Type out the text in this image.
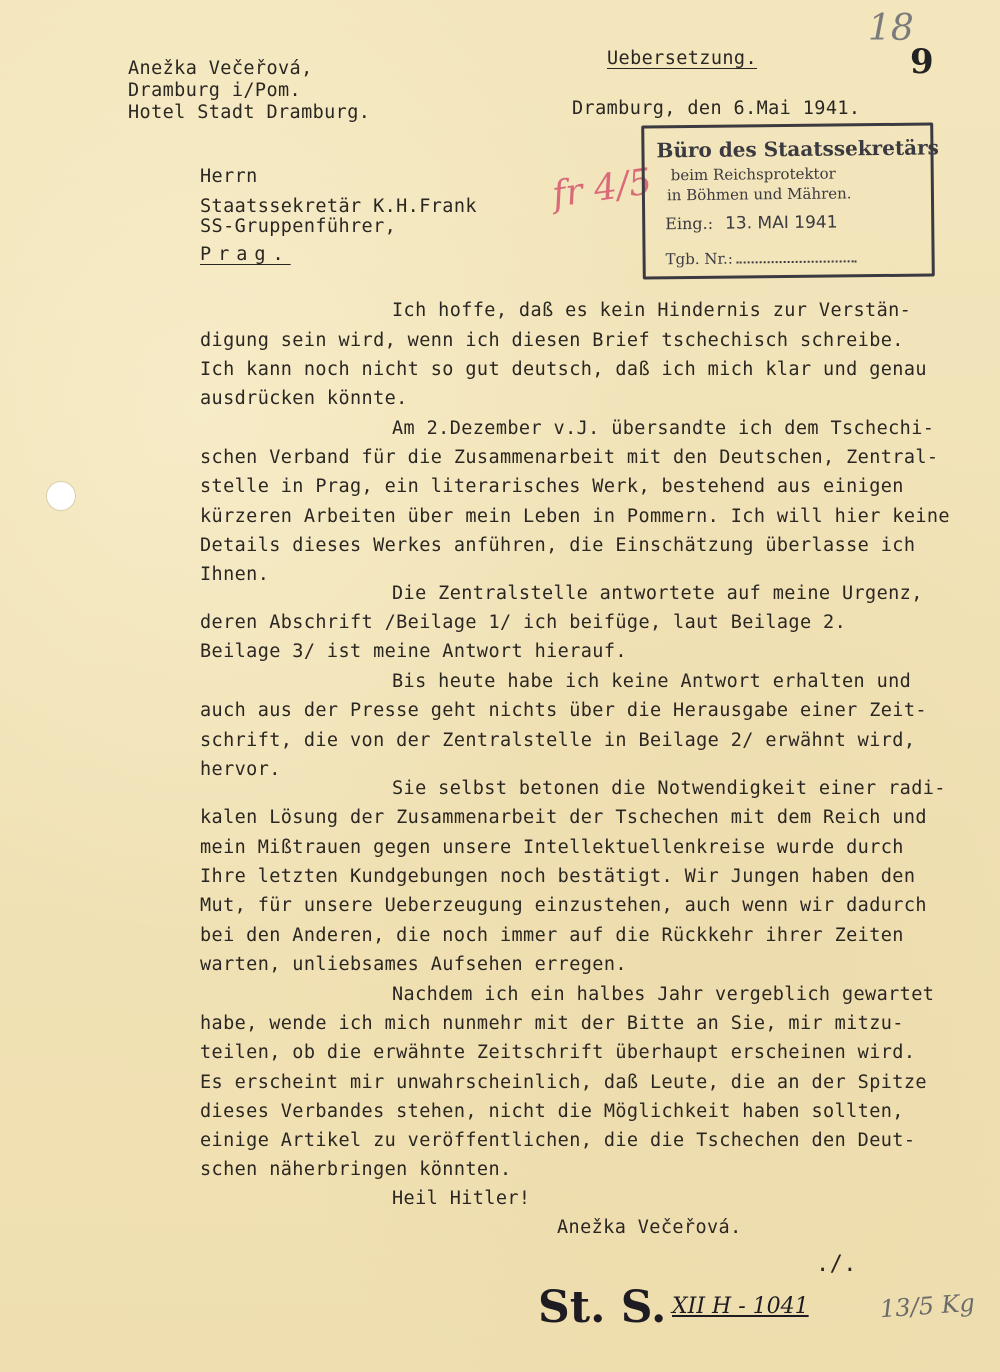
Anežka Večeřová,
Dramburg i/Pom.
Hotel Stadt Dramburg.
Uebersetzung.
Dramburg, den 6.Mai 1941.
18
9
fr 4/5
Herrn
Staatssekretär K.H.Frank
SS-Gruppenführer,
Prag.
Büro des Staatssekretärs
beim Reichsprotektor
in Böhmen und Mähren.
Eing.: 13. MAI 1941
Tgb. Nr.:
Ich hoffe, daß es kein Hindernis zur Verstän-
digung sein wird, wenn ich diesen Brief tschechisch schreibe.
Ich kann noch nicht so gut deutsch, daß ich mich klar und genau
ausdrücken könnte.
Am 2.Dezember v.J. übersandte ich dem Tschechi-
schen Verband für die Zusammenarbeit mit den Deutschen, Zentral-
stelle in Prag, ein literarisches Werk, bestehend aus einigen
kürzeren Arbeiten über mein Leben in Pommern. Ich will hier keine
Details dieses Werkes anführen, die Einschätzung überlasse ich
Ihnen.
Die Zentralstelle antwortete auf meine Urgenz,
deren Abschrift /Beilage 1/ ich beifüge, laut Beilage 2.
Beilage 3/ ist meine Antwort hierauf.
Bis heute habe ich keine Antwort erhalten und
auch aus der Presse geht nichts über die Herausgabe einer Zeit-
schrift, die von der Zentralstelle in Beilage 2/ erwähnt wird,
hervor.
Sie selbst betonen die Notwendigkeit einer radi-
kalen Lösung der Zusammenarbeit der Tschechen mit dem Reich und
mein Mißtrauen gegen unsere Intellektuellenkreise wurde durch
Ihre letzten Kundgebungen noch bestätigt. Wir Jungen haben den
Mut, für unsere Ueberzeugung einzustehen, auch wenn wir dadurch
bei den Anderen, die noch immer auf die Rückkehr ihrer Zeiten
warten, unliebsames Aufsehen erregen.
Nachdem ich ein halbes Jahr vergeblich gewartet
habe, wende ich mich nunmehr mit der Bitte an Sie, mir mitzu-
teilen, ob die erwähnte Zeitschrift überhaupt erscheinen wird.
Es erscheint mir unwahrscheinlich, daß Leute, die an der Spitze
dieses Verbandes stehen, nicht die Möglichkeit haben sollten,
einige Artikel zu veröffentlichen, die die Tschechen den Deut-
schen näherbringen könnten.
Heil Hitler!
Anežka Večeřová.
./.
St. S. XII H - 1041	13/5 Kg
